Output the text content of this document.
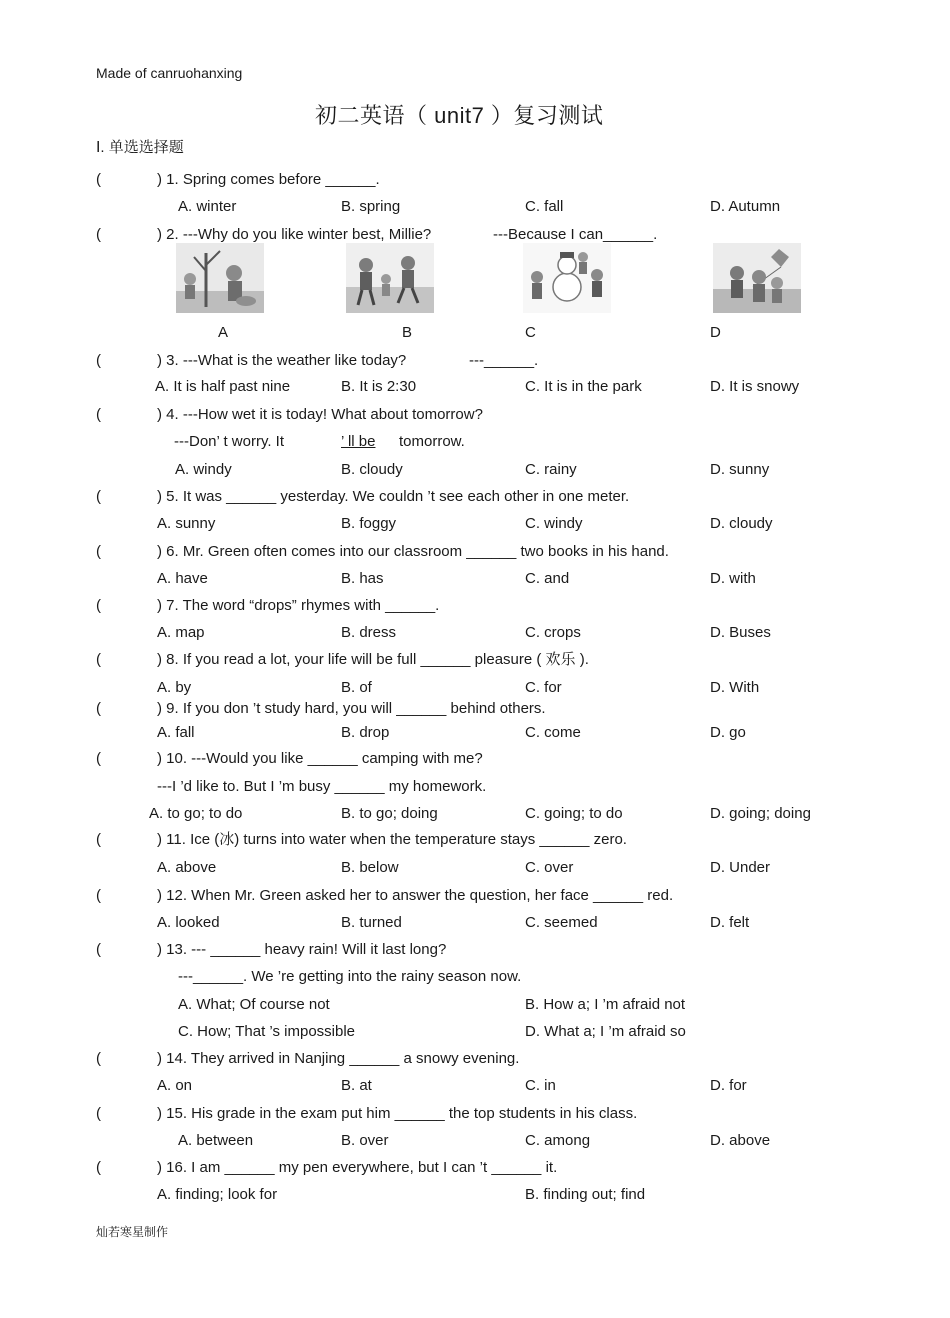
Made of canruohanxing
初二英语（ unit7 ）复习测试
Ⅰ. 单选选择题
(	) 1. Spring comes before ______.
A. winter	B. spring	C. fall	D. Autumn
(	) 2. ---Why do you like winter best, Millie?	---Because I can______.
A	B	C	D
(	) 3. ---What is the weather like today?	---______.
A. It is half past nine	B. It is 2:30	C. It is in the park	D. It is snowy
(	) 4. ---How wet it is today! What about tomorrow?
---Don’ t worry. It	’ ll be tomorrow.
A. windy	B. cloudy	C. rainy	D. sunny
(	) 5. It was ______ yesterday. We couldn ’t see each other in one meter.
A. sunny	B. foggy	C. windy	D. cloudy
(	) 6. Mr. Green often comes into our classroom ______ two books in his hand.
A. have	B. has	C. and	D. with
(	) 7. The word “drops” rhymes with ______.
A. map	B. dress	C. crops	D. Buses
(	) 8. If you read a lot, your life will be full ______ pleasure ( 欢乐 ).
A. by	B. of	C. for	D. With
(	) 9. If you don ’t study hard, you will ______ behind others.
A. fall	B. drop	C. come	D. go
(	) 10. ---Would you like ______ camping with me?
---I ’d like to. But I ’m busy ______ my homework.
A. to go; to do	B. to go; doing	C. going; to do	D. going; doing
(	) 11. Ice (冰) turns into water when the temperature stays ______ zero.
A. above	B. below	C. over	D. Under
(	) 12. When Mr. Green asked her to answer the question, her face ______ red.
A. looked	B. turned	C. seemed	D. felt
(	) 13. --- ______ heavy rain! Will it last long?
---______. We ’re getting into the rainy season now.
A. What; Of course not	B. How a; I ’m afraid not
C. How; That ’s impossible	D. What a; I ’m afraid so
(	) 14. They arrived in Nanjing ______ a snowy evening.
A. on	B. at	C. in	D. for
(	) 15. His grade in the exam put him ______ the top students in his class.
A. between	B. over	C. among	D. above
(	) 16. I am ______ my pen everywhere, but I can ’t ______ it.
A. finding; look for	B. finding out; find
灿若寒星制作
